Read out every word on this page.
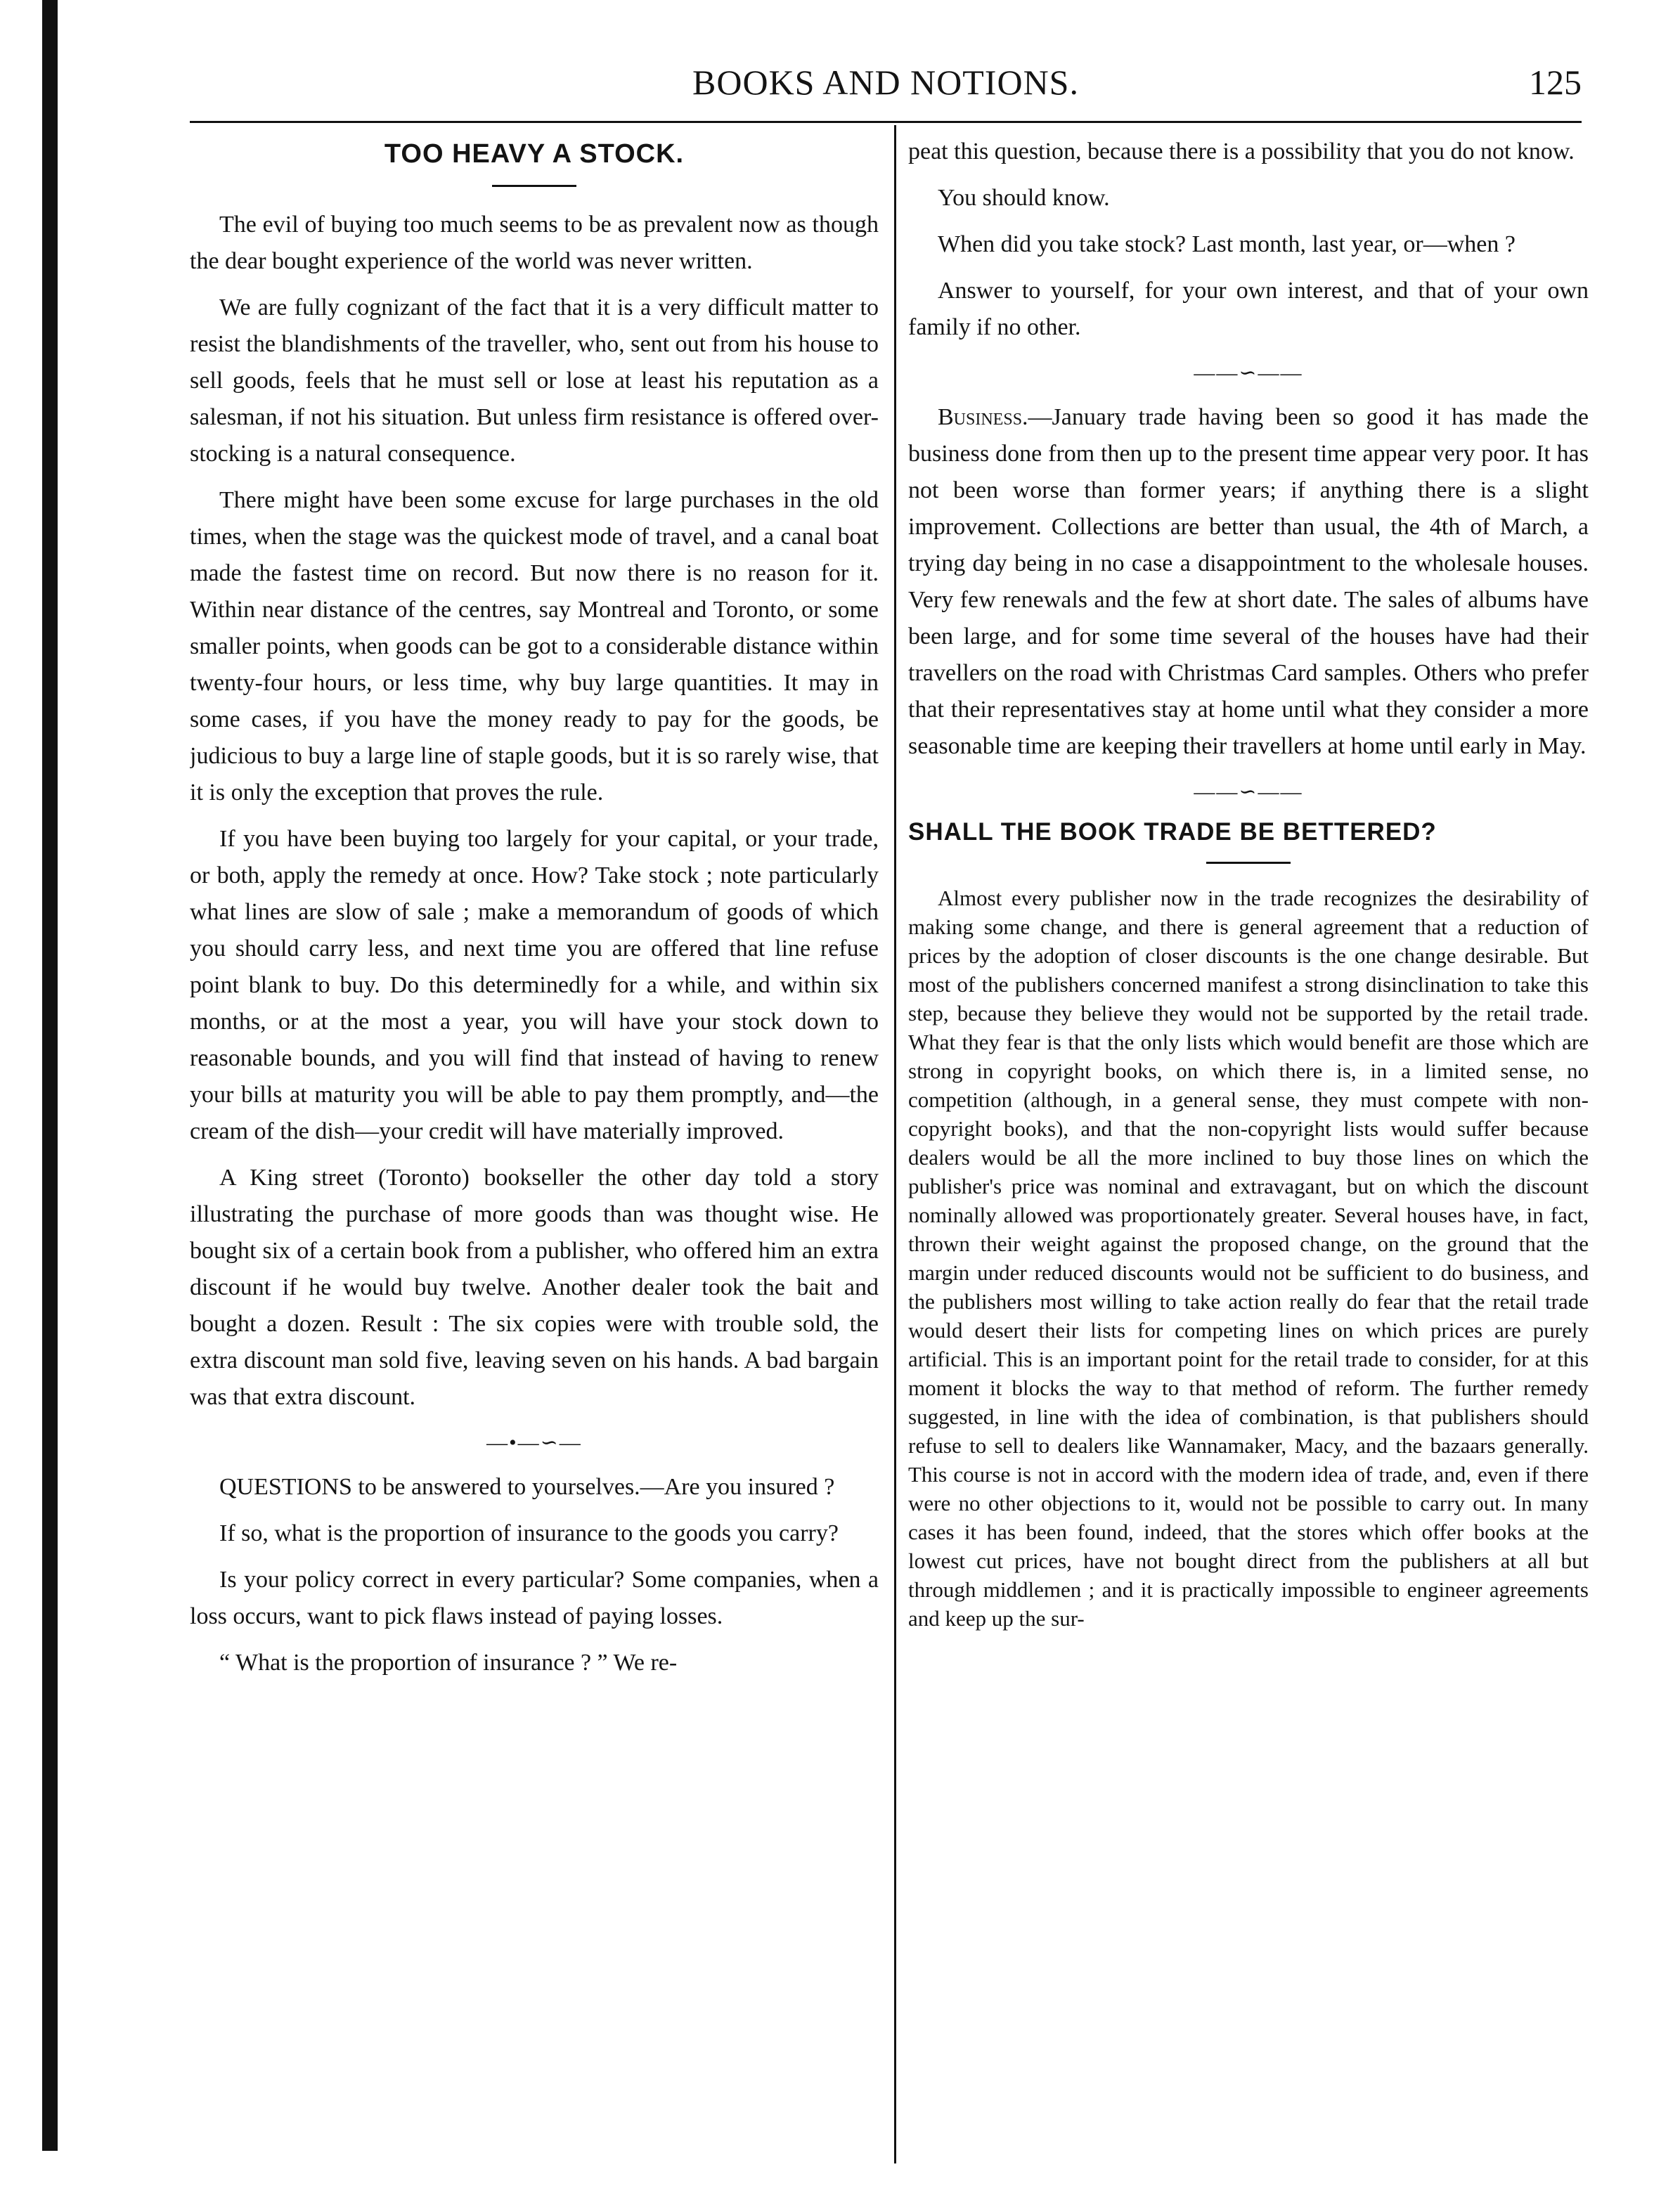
BOOKS AND NOTIONS.	125
TOO HEAVY A STOCK.

The evil of buying too much seems to be as prevalent now as though the dear bought experience of the world was never written.

We are fully cognizant of the fact that it is a very difficult matter to resist the blandishments of the traveller, who, sent out from his house to sell goods, feels that he must sell or lose at least his reputation as a salesman, if not his situation. But unless firm resistance is offered over-stocking is a natural consequence.

There might have been some excuse for large purchases in the old times, when the stage was the quickest mode of travel, and a canal boat made the fastest time on record. But now there is no reason for it. Within near distance of the centres, say Montreal and Toronto, or some smaller points, when goods can be got to a considerable distance within twenty-four hours, or less time, why buy large quantities. It may in some cases, if you have the money ready to pay for the goods, be judicious to buy a large line of staple goods, but it is so rarely wise, that it is only the exception that proves the rule.

If you have been buying too largely for your capital, or your trade, or both, apply the remedy at once. How? Take stock ; note particularly what lines are slow of sale ; make a memorandum of goods of which you should carry less, and next time you are offered that line refuse point blank to buy. Do this determinedly for a while, and within six months, or at the most a year, you will have your stock down to reasonable bounds, and you will find that instead of having to renew your bills at maturity you will be able to pay them promptly, and—the cream of the dish—your credit will have materially improved.

A King street (Toronto) bookseller the other day told a story illustrating the purchase of more goods than was thought wise. He bought six of a certain book from a publisher, who offered him an extra discount if he would buy twelve. Another dealer took the bait and bought a dozen. Result : The six copies were with trouble sold, the extra discount man sold five, leaving seven on his hands. A bad bargain was that extra discount.

—•—∽—

QUESTIONS to be answered to yourselves.—Are you insured ?

If so, what is the proportion of insurance to the goods you carry?

Is your policy correct in every particular? Some companies, when a loss occurs, want to pick flaws instead of paying losses.

“ What is the proportion of insurance ? ” We re-

peat this question, because there is a possibility that you do not know.

You should know.

When did you take stock? Last month, last year, or—when ?

Answer to yourself, for your own interest, and that of your own family if no other.

——∽——

Business.—January trade having been so good it has made the business done from then up to the present time appear very poor. It has not been worse than former years; if anything there is a slight improvement. Collections are better than usual, the 4th of March, a trying day being in no case a disappointment to the wholesale houses. Very few renewals and the few at short date. The sales of albums have been large, and for some time several of the houses have had their travellers on the road with Christmas Card samples. Others who prefer that their representatives stay at home until what they consider a more seasonable time are keeping their travellers at home until early in May.

——∽——
SHALL THE BOOK TRADE BE BETTERED?

Almost every publisher now in the trade recognizes the desirability of making some change, and there is general agreement that a reduction of prices by the adoption of closer discounts is the one change desirable. But most of the publishers concerned manifest a strong disinclination to take this step, because they believe they would not be supported by the retail trade. What they fear is that the only lists which would benefit are those which are strong in copyright books, on which there is, in a limited sense, no competition (although, in a general sense, they must compete with non-copyright books), and that the non-copyright lists would suffer because dealers would be all the more inclined to buy those lines on which the publisher's price was nominal and extravagant, but on which the discount nominally allowed was proportionately greater. Several houses have, in fact, thrown their weight against the proposed change, on the ground that the margin under reduced discounts would not be sufficient to do business, and the publishers most willing to take action really do fear that the retail trade would desert their lists for competing lines on which prices are purely artificial. This is an important point for the retail trade to consider, for at this moment it blocks the way to that method of reform. The further remedy suggested, in line with the idea of combination, is that publishers should refuse to sell to dealers like Wannamaker, Macy, and the bazaars generally. This course is not in accord with the modern idea of trade, and, even if there were no other objections to it, would not be possible to carry out. In many cases it has been found, indeed, that the stores which offer books at the lowest cut prices, have not bought direct from the publishers at all but through middlemen ; and it is practically impossible to engineer agreements and keep up the sur-
